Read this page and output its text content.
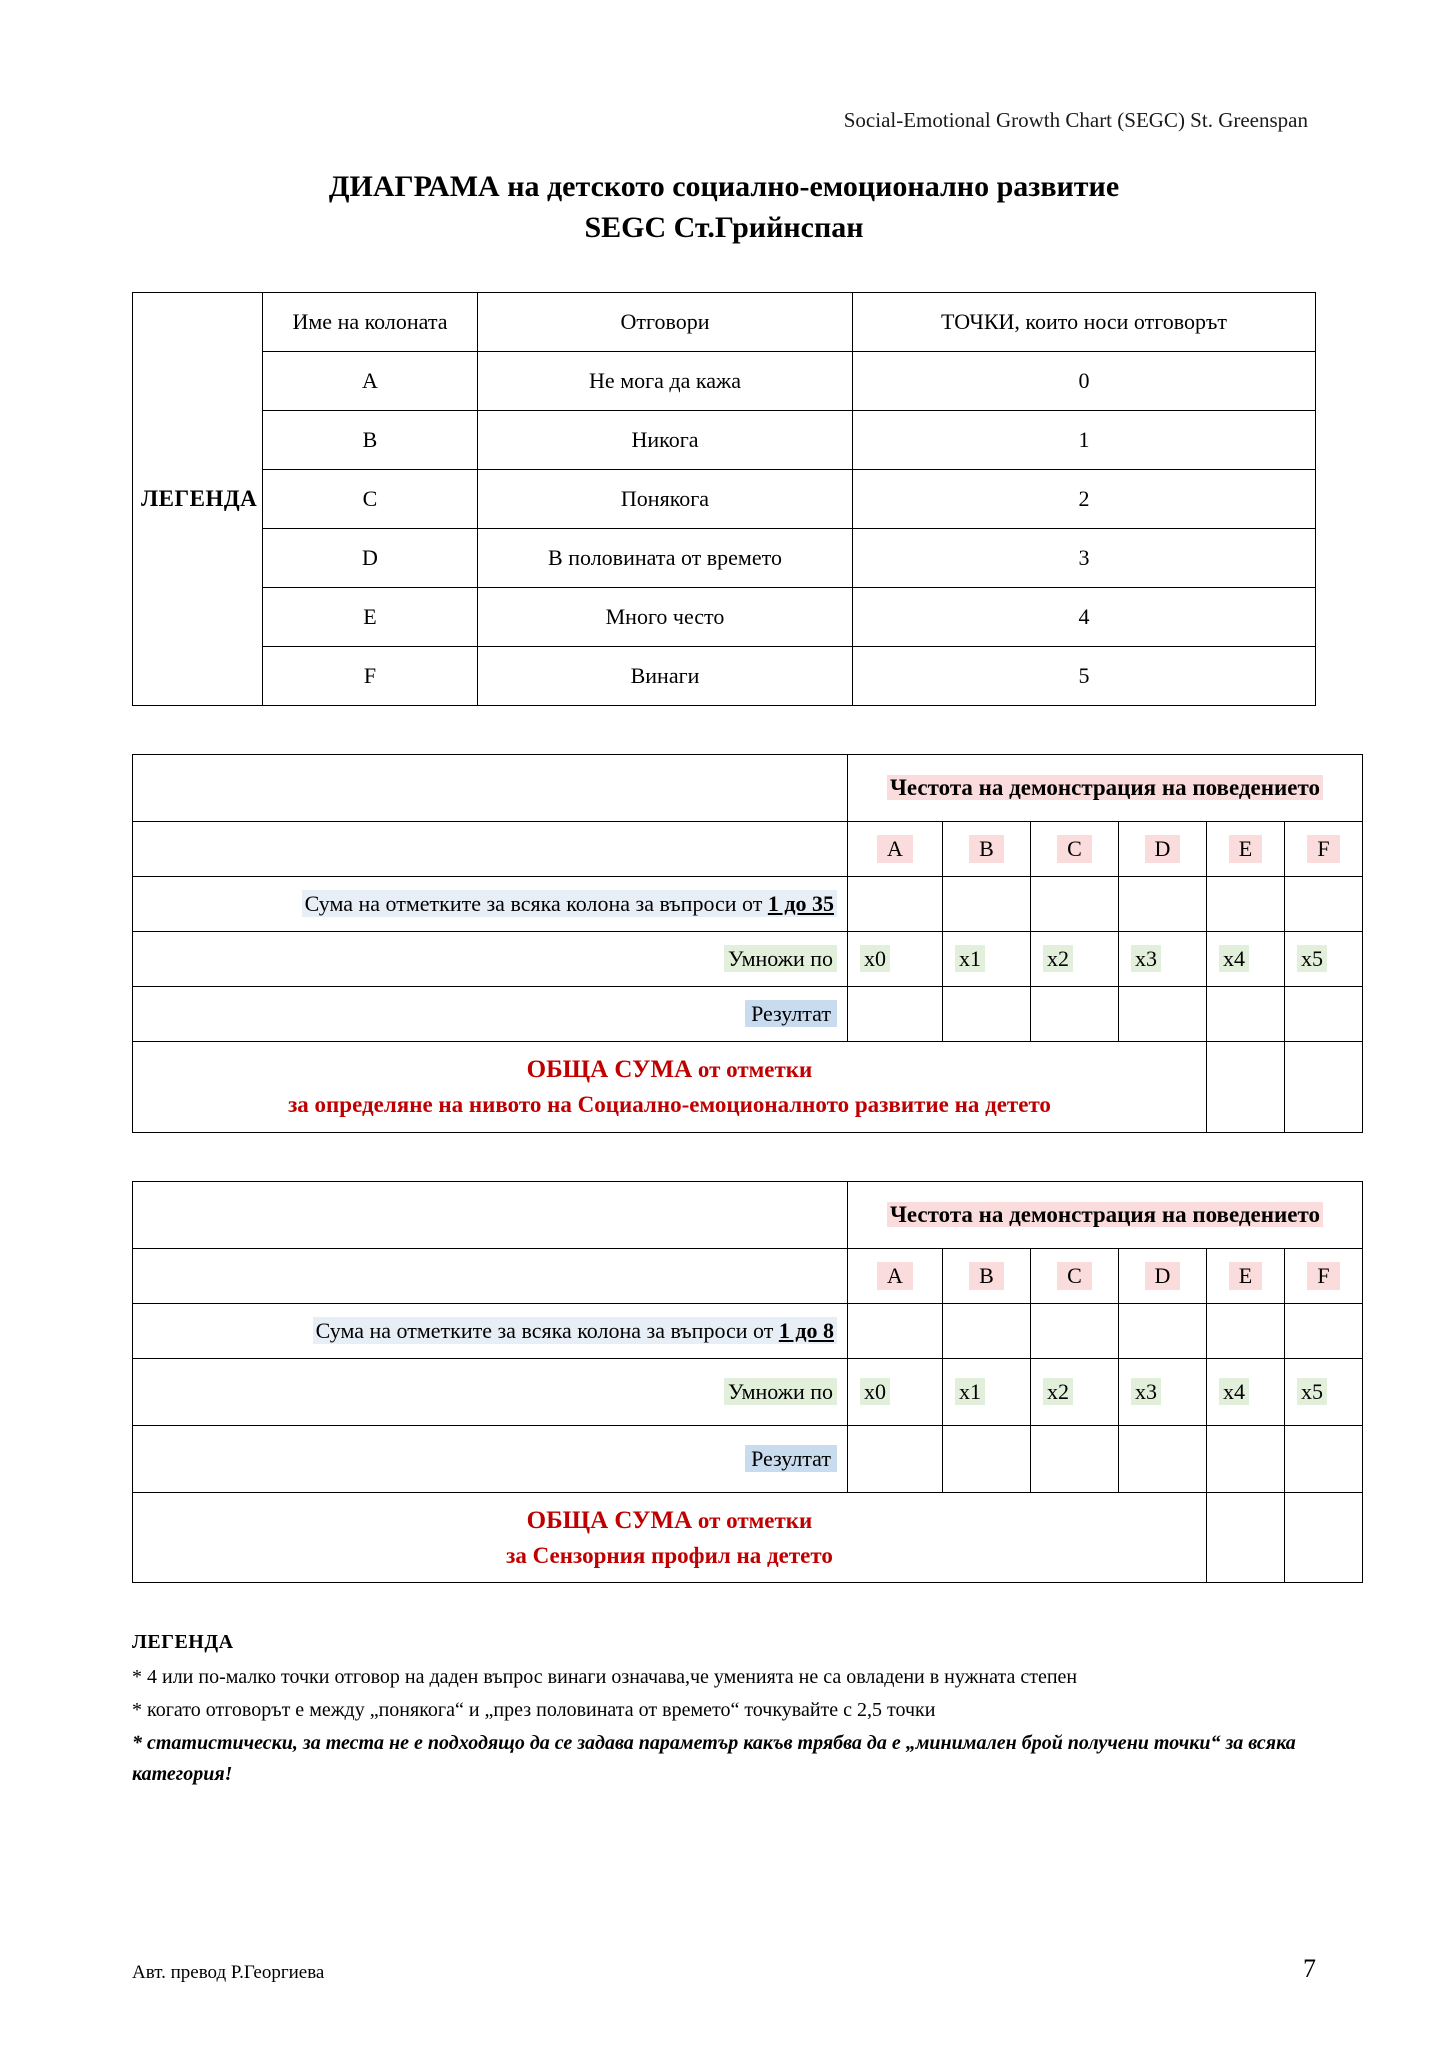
Social-Emotional Growth Chart (SEGC) St. Greenspan
ДИАГРАМА на детското социално-емоционално развитие
SEGC Ст.Грийнспан
ЛЕГЕНДА	Име на колоната	Отговори	ТОЧКИ, които носи отговорът
	A	Не мога да кажа	0
	B	Никога	1
	C	Понякога	2
	D	В половината от времето	3
	E	Много често	4
	F	Винаги	5
	Честота на демонстрация на поведението					
	A	B	C	D	E	F
Сума на отметките за всяка колона за въпроси от 1 до 35						
Умножи по	x0	x1	x2	x3	x4	x5
Резултат						

ОБЩА СУМА от отметки
за определяне на нивото на Социално-емоционалното развитие на детето						

	Честота на демонстрация на поведението					
	A	B	C	D	E	F
Сума на отметките за всяка колона за въпроси от 1 до 8						
Умножи по	x0	x1	x2	x3	x4	x5
Резултат						

ОБЩА СУМА от отметки
за Сензорния профил на детето						

ЛЕГЕНДА
* 4 или по-малко точки отговор на даден въпрос винаги означава,че уменията не са овладени в нужната степен
* когато отговорът е между „понякога“ и „през половината от времето“ точкувайте с 2,5 точки
* статистически, за теста не е подходящо да се задава параметър какъв трябва да е „минимален брой получени точки“ за всяка категория!
Авт. превод Р.Георгиева	7
